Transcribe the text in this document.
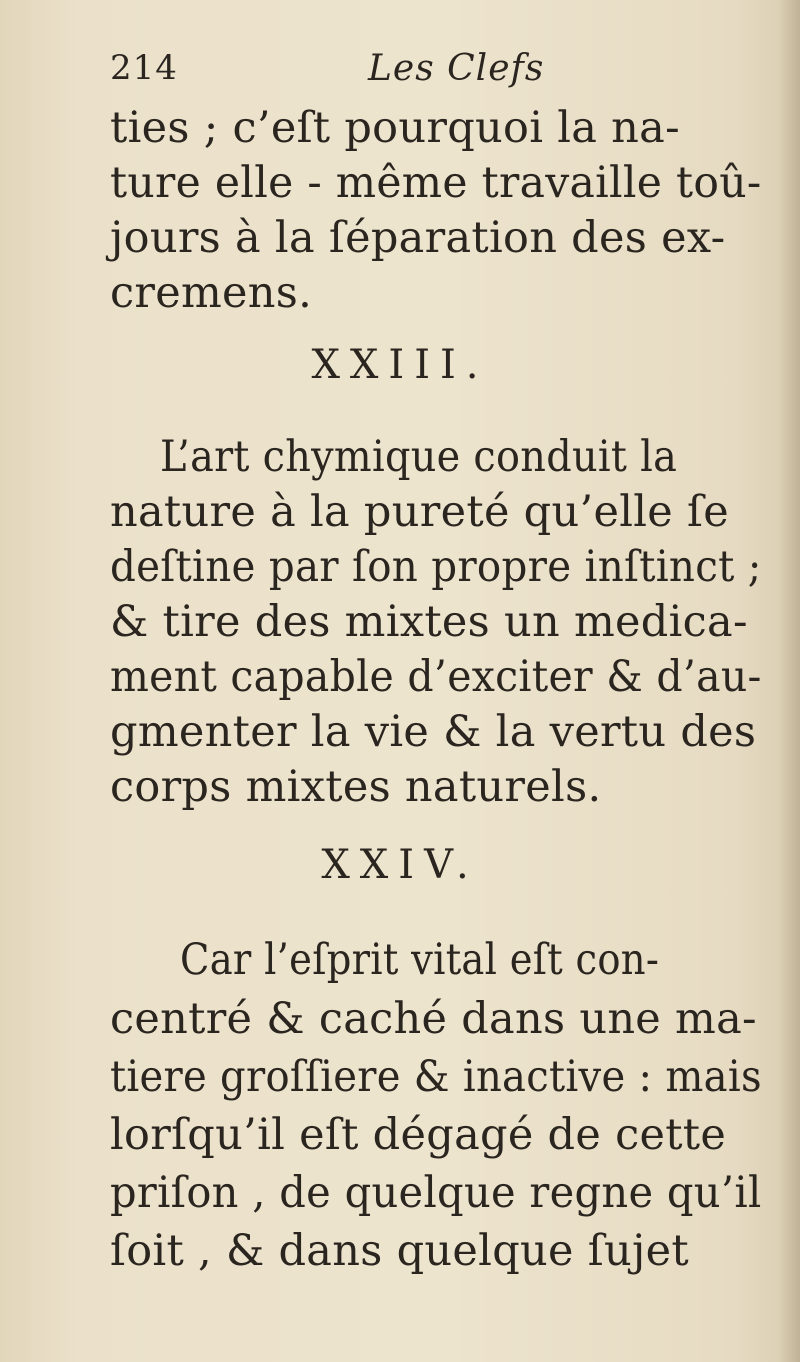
214	Les Clefs
ties ; c’eſt pourquoi la na-
ture elle - même travaille toû-
jours à la ſéparation des ex-
cremens.
XXIII.
L’art chymique conduit la
nature à la pureté qu’elle ſe
deſtine par ſon propre inſtinct ;
& tire des mixtes un medica-
ment capable d’exciter & d’au-
gmenter la vie & la vertu des
corps mixtes naturels.
XXIV.
Car l’eſprit vital eſt con-
centré & caché dans une ma-
tiere groſſiere & inactive : mais
lorſqu’il eſt dégagé de cette
priſon , de quelque regne qu’il
ſoit , & dans quelque ſujet
